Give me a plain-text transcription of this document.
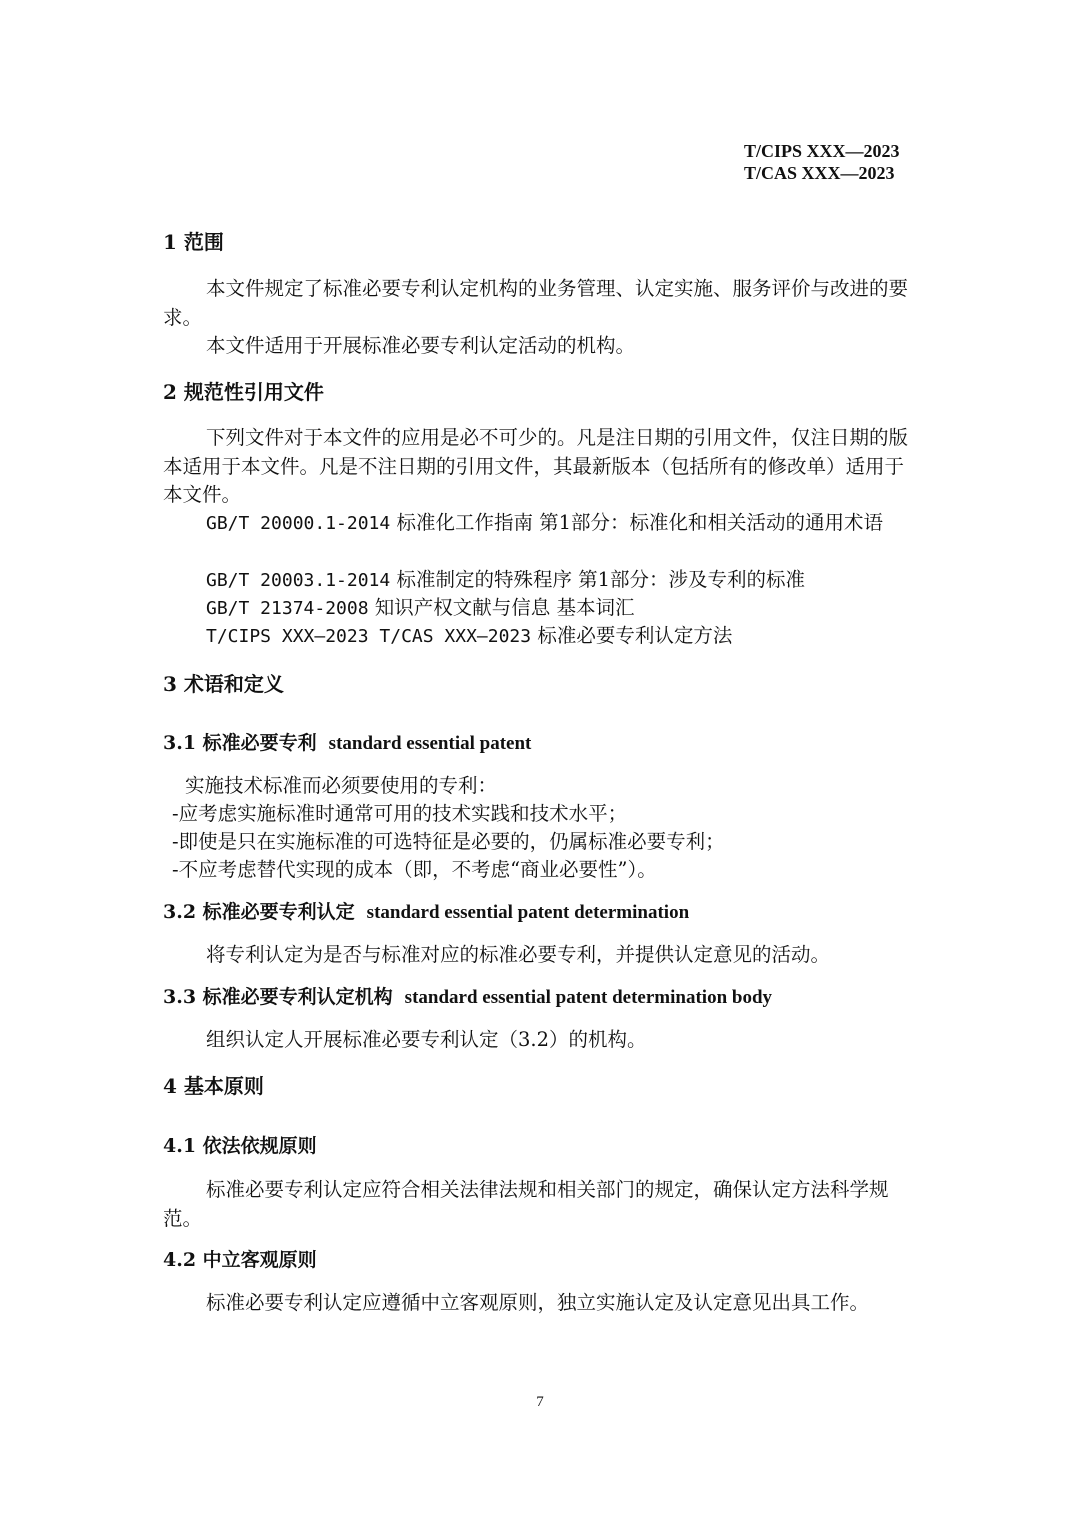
T/CIPS XXX—2023
T/CAS XXX—2023
1 范围
本文件规定了标准必要专利认定机构的业务管理、认定实施、服务评价与改进的要求。
本文件适用于开展标准必要专利认定活动的机构。
2 规范性引用文件
下列文件对于本文件的应用是必不可少的。凡是注日期的引用文件，仅注日期的版本适用于本文件。凡是不注日期的引用文件，其最新版本（包括所有的修改单）适用于本文件。
GB/T 20000.1-2014 标准化工作指南 第1部分：标准化和相关活动的通用术语
GB/T 20003.1-2014 标准制定的特殊程序 第1部分：涉及专利的标准
GB/T 21374-2008 知识产权文献与信息 基本词汇
T/CIPS XXX—2023 T/CAS XXX—2023 标准必要专利认定方法
3 术语和定义
3.1 标准必要专利 standard essential patent
实施技术标准而必须要使用的专利：
-应考虑实施标准时通常可用的技术实践和技术水平；
-即使是只在实施标准的可选特征是必要的，仍属标准必要专利；
-不应考虑替代实现的成本（即，不考虑“商业必要性”）。
3.2 标准必要专利认定 standard essential patent determination
将专利认定为是否与标准对应的标准必要专利，并提供认定意见的活动。
3.3 标准必要专利认定机构 standard essential patent determination body
组织认定人开展标准必要专利认定（3.2）的机构。
4 基本原则
4.1 依法依规原则
标准必要专利认定应符合相关法律法规和相关部门的规定，确保认定方法科学规范。
4.2 中立客观原则
标准必要专利认定应遵循中立客观原则，独立实施认定及认定意见出具工作。
7
